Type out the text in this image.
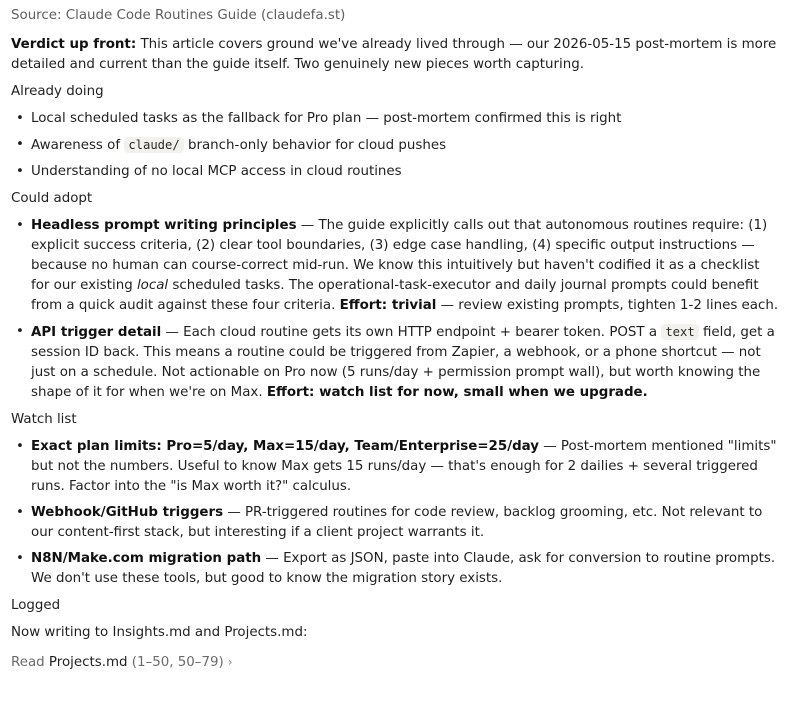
Source: Claude Code Routines Guide (claudefa.st)

Verdict up front: This article covers ground we've already lived through — our 2026-05-15 post-mortem is more detailed and current than the guide itself. Two genuinely new pieces worth capturing.

Already doing
• Local scheduled tasks as the fallback for Pro plan — post-mortem confirmed this is right
• Awareness of claude/ branch-only behavior for cloud pushes
• Understanding of no local MCP access in cloud routines
Could adopt
• Headless prompt writing principles — The guide explicitly calls out that autonomous routines require: (1) explicit success criteria, (2) clear tool boundaries, (3) edge case handling, (4) specific output instructions — because no human can course-correct mid-run. We know this intuitively but haven't codified it as a checklist for our existing local scheduled tasks. The operational-task-executor and daily journal prompts could benefit from a quick audit against these four criteria. Effort: trivial — review existing prompts, tighten 1-2 lines each.
• API trigger detail — Each cloud routine gets its own HTTP endpoint + bearer token. POST a text field, get a session ID back. This means a routine could be triggered from Zapier, a webhook, or a phone shortcut — not just on a schedule. Not actionable on Pro now (5 runs/day + permission prompt wall), but worth knowing the shape of it for when we're on Max. Effort: watch list for now, small when we upgrade.
Watch list
• Exact plan limits: Pro=5/day, Max=15/day, Team/Enterprise=25/day — Post-mortem mentioned "limits" but not the numbers. Useful to know Max gets 15 runs/day — that's enough for 2 dailies + several triggered runs. Factor into the "is Max worth it?" calculus.
• Webhook/GitHub triggers — PR-triggered routines for code review, backlog grooming, etc. Not relevant to our content-first stack, but interesting if a client project warrants it.
• N8N/Make.com migration path — Export as JSON, paste into Claude, ask for conversion to routine prompts. We don't use these tools, but good to know the migration story exists.
Logged

Now writing to Insights.md and Projects.md:

Read Projects.md (1–50, 50–79) ›
